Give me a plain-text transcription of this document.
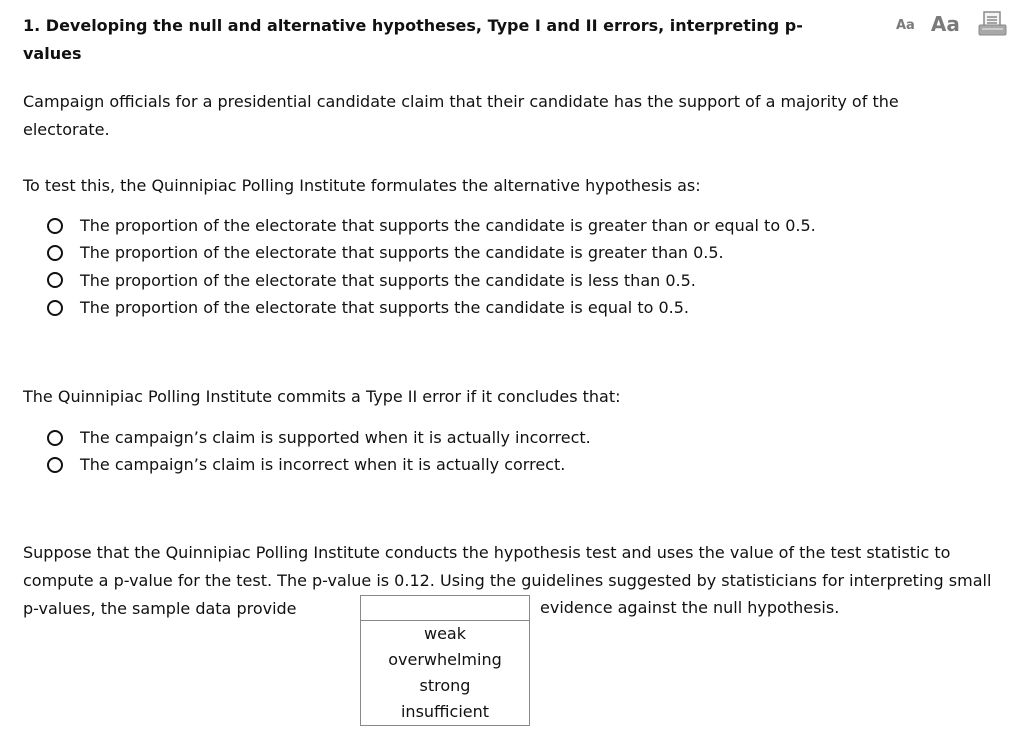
1. Developing the null and alternative hypotheses, Type I and II errors, interpreting p-values
Aa Aa

Campaign officials for a presidential candidate claim that their candidate has the support of a majority of the electorate.

To test this, the Quinnipiac Polling Institute formulates the alternative hypothesis as:

The proportion of the electorate that supports the candidate is greater than or equal to 0.5.
The proportion of the electorate that supports the candidate is greater than 0.5.
The proportion of the electorate that supports the candidate is less than 0.5.
The proportion of the electorate that supports the candidate is equal to 0.5.

The Quinnipiac Polling Institute commits a Type II error if it concludes that:

The campaign’s claim is supported when it is actually incorrect.
The campaign’s claim is incorrect when it is actually correct.

Suppose that the Quinnipiac Polling Institute conducts the hypothesis test and uses the value of the test statistic to compute a p-value for the test. The p-value is 0.12. Using the guidelines suggested by statisticians for interpreting small p-values, the sample data provide	evidence against the null hypothesis.
weak
overwhelming
strong
insufficient
